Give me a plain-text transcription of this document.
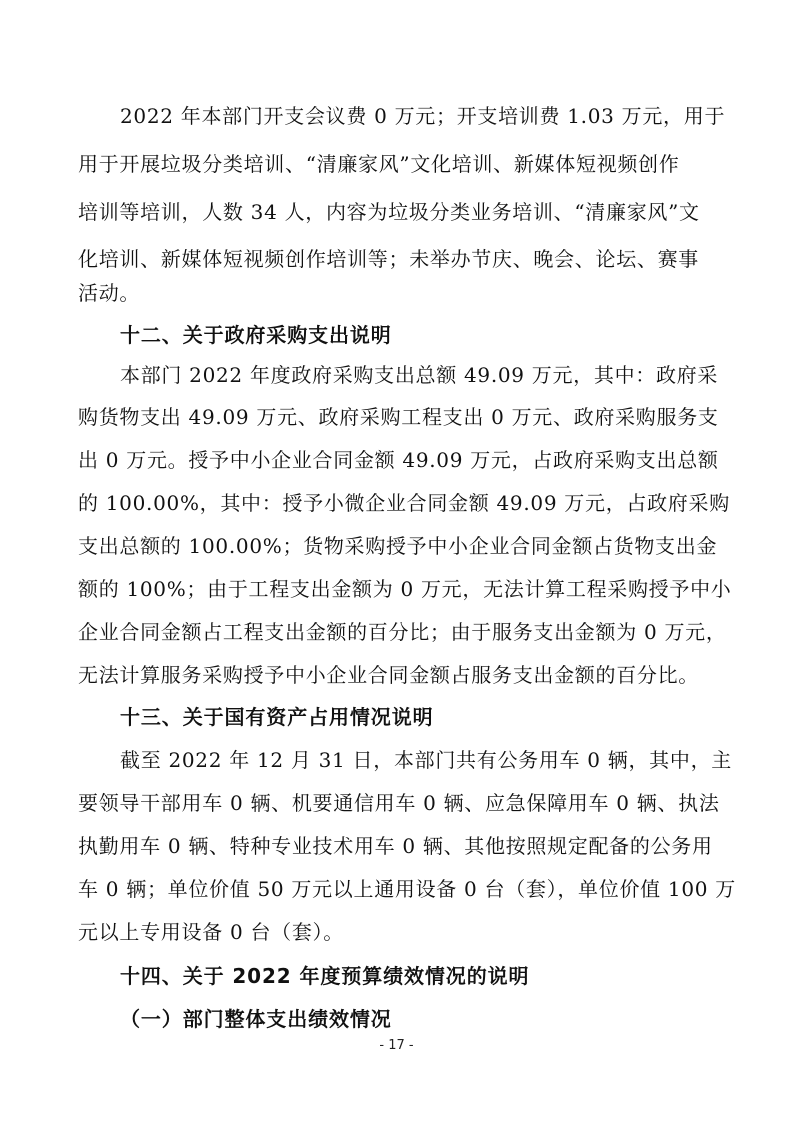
2022 年本部门开支会议费 0 万元；开支培训费 1.03 万元，用于
用于开展垃圾分类培训、“清廉家风”文化培训、新媒体短视频创作
培训等培训，人数 34 人，内容为垃圾分类业务培训、“清廉家风”文
化培训、新媒体短视频创作培训等；未举办节庆、晚会、论坛、赛事
活动。
十二、关于政府采购支出说明
本部门 2022 年度政府采购支出总额 49.09 万元，其中：政府采
购货物支出 49.09 万元、政府采购工程支出 0 万元、政府采购服务支
出 0 万元。授予中小企业合同金额 49.09 万元，占政府采购支出总额
的 100.00%，其中：授予小微企业合同金额 49.09 万元，占政府采购
支出总额的 100.00%；货物采购授予中小企业合同金额占货物支出金
额的 100%；由于工程支出金额为 0 万元，无法计算工程采购授予中小
企业合同金额占工程支出金额的百分比；由于服务支出金额为 0 万元，
无法计算服务采购授予中小企业合同金额占服务支出金额的百分比。
十三、关于国有资产占用情况说明
截至 2022 年 12 月 31 日，本部门共有公务用车 0 辆，其中，主
要领导干部用车 0 辆、机要通信用车 0 辆、应急保障用车 0 辆、执法
执勤用车 0 辆、特种专业技术用车 0 辆、其他按照规定配备的公务用
车 0 辆；单位价值 50 万元以上通用设备 0 台（套），单位价值 100 万
元以上专用设备 0 台（套）。
十四、关于 2022 年度预算绩效情况的说明
（一）部门整体支出绩效情况
- 17 -
